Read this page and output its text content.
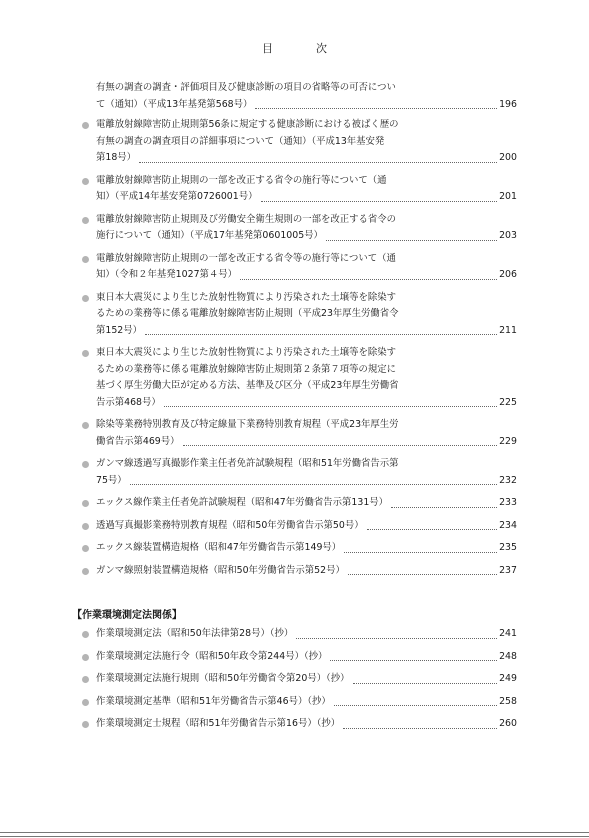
目　次
有無の調査の調査・評価項目及び健康診断の項目の省略等の可否につい
て（通知）（平成13年基発第568号）	196
電離放射線障害防止規則第56条に規定する健康診断における被ばく歴の
有無の調査の調査項目の詳細事項について（通知）（平成13年基安発
第18号）	200
電離放射線障害防止規則の一部を改正する省令の施行等について（通
知）（平成14年基安発第0726001号）	201
電離放射線障害防止規則及び労働安全衛生規則の一部を改正する省令の
施行について（通知）（平成17年基発第0601005号）	203
電離放射線障害防止規則の一部を改正する省令等の施行等について（通
知）（令和２年基発1027第４号）	206
東日本大震災により生じた放射性物質により汚染された土壌等を除染す
るための業務等に係る電離放射線障害防止規則（平成23年厚生労働省令
第152号）	211
東日本大震災により生じた放射性物質により汚染された土壌等を除染す
るための業務等に係る電離放射線障害防止規則第２条第７項等の規定に
基づく厚生労働大臣が定める方法、基準及び区分（平成23年厚生労働省
告示第468号）	225
除染等業務特別教育及び特定線量下業務特別教育規程（平成23年厚生労
働省告示第469号）	229
ガンマ線透過写真撮影作業主任者免許試験規程（昭和51年労働省告示第
75号）	232
エックス線作業主任者免許試験規程（昭和47年労働省告示第131号）	233
透過写真撮影業務特別教育規程（昭和50年労働省告示第50号）	234
エックス線装置構造規格（昭和47年労働省告示第149号）	235
ガンマ線照射装置構造規格（昭和50年労働省告示第52号）	237
【作業環境測定法関係】
作業環境測定法（昭和50年法律第28号）（抄）	241
作業環境測定法施行令（昭和50年政令第244号）（抄）	248
作業環境測定法施行規則（昭和50年労働省令第20号）（抄）	249
作業環境測定基準（昭和51年労働省告示第46号）（抄）	258
作業環境測定士規程（昭和51年労働省告示第16号）（抄）	260
